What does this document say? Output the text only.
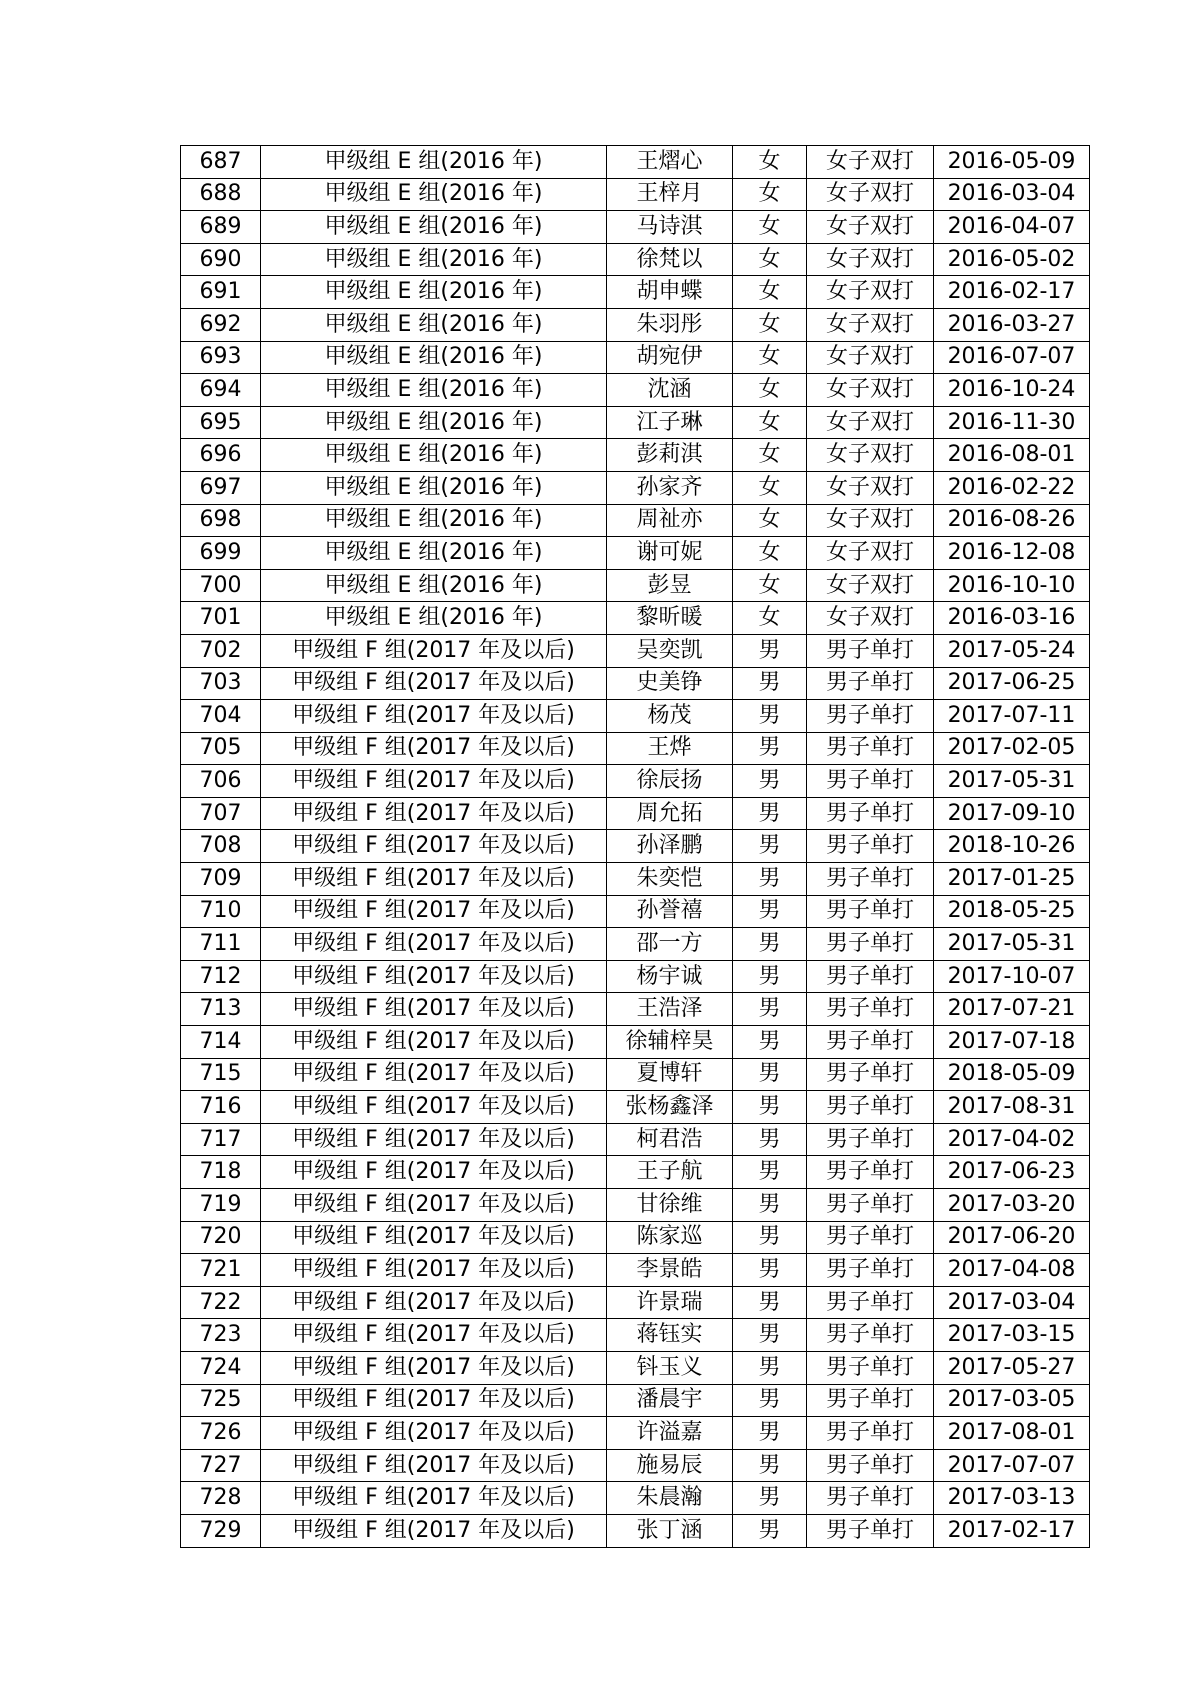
687	甲级组 E 组(2016 年)	王熠心	女	女子双打	2016-05-09
688	甲级组 E 组(2016 年)	王梓月	女	女子双打	2016-03-04
689	甲级组 E 组(2016 年)	马诗淇	女	女子双打	2016-04-07
690	甲级组 E 组(2016 年)	徐梵以	女	女子双打	2016-05-02
691	甲级组 E 组(2016 年)	胡申蝶	女	女子双打	2016-02-17
692	甲级组 E 组(2016 年)	朱羽彤	女	女子双打	2016-03-27
693	甲级组 E 组(2016 年)	胡宛伊	女	女子双打	2016-07-07
694	甲级组 E 组(2016 年)	沈涵	女	女子双打	2016-10-24
695	甲级组 E 组(2016 年)	江子琳	女	女子双打	2016-11-30
696	甲级组 E 组(2016 年)	彭莉淇	女	女子双打	2016-08-01
697	甲级组 E 组(2016 年)	孙家齐	女	女子双打	2016-02-22
698	甲级组 E 组(2016 年)	周祉亦	女	女子双打	2016-08-26
699	甲级组 E 组(2016 年)	谢可妮	女	女子双打	2016-12-08
700	甲级组 E 组(2016 年)	彭昱	女	女子双打	2016-10-10
701	甲级组 E 组(2016 年)	黎昕暖	女	女子双打	2016-03-16
702	甲级组 F 组(2017 年及以后)	吴奕凯	男	男子单打	2017-05-24
703	甲级组 F 组(2017 年及以后)	史美铮	男	男子单打	2017-06-25
704	甲级组 F 组(2017 年及以后)	杨茂	男	男子单打	2017-07-11
705	甲级组 F 组(2017 年及以后)	王烨	男	男子单打	2017-02-05
706	甲级组 F 组(2017 年及以后)	徐辰扬	男	男子单打	2017-05-31
707	甲级组 F 组(2017 年及以后)	周允拓	男	男子单打	2017-09-10
708	甲级组 F 组(2017 年及以后)	孙泽鹏	男	男子单打	2018-10-26
709	甲级组 F 组(2017 年及以后)	朱奕恺	男	男子单打	2017-01-25
710	甲级组 F 组(2017 年及以后)	孙誉禧	男	男子单打	2018-05-25
711	甲级组 F 组(2017 年及以后)	邵一方	男	男子单打	2017-05-31
712	甲级组 F 组(2017 年及以后)	杨宇诚	男	男子单打	2017-10-07
713	甲级组 F 组(2017 年及以后)	王浩泽	男	男子单打	2017-07-21
714	甲级组 F 组(2017 年及以后)	徐辅梓昊	男	男子单打	2017-07-18
715	甲级组 F 组(2017 年及以后)	夏博轩	男	男子单打	2018-05-09
716	甲级组 F 组(2017 年及以后)	张杨鑫泽	男	男子单打	2017-08-31
717	甲级组 F 组(2017 年及以后)	柯君浩	男	男子单打	2017-04-02
718	甲级组 F 组(2017 年及以后)	王子航	男	男子单打	2017-06-23
719	甲级组 F 组(2017 年及以后)	甘徐维	男	男子单打	2017-03-20
720	甲级组 F 组(2017 年及以后)	陈家巡	男	男子单打	2017-06-20
721	甲级组 F 组(2017 年及以后)	李景皓	男	男子单打	2017-04-08
722	甲级组 F 组(2017 年及以后)	许景瑞	男	男子单打	2017-03-04
723	甲级组 F 组(2017 年及以后)	蒋钰实	男	男子单打	2017-03-15
724	甲级组 F 组(2017 年及以后)	钭玉义	男	男子单打	2017-05-27
725	甲级组 F 组(2017 年及以后)	潘晨宇	男	男子单打	2017-03-05
726	甲级组 F 组(2017 年及以后)	许溢嘉	男	男子单打	2017-08-01
727	甲级组 F 组(2017 年及以后)	施易辰	男	男子单打	2017-07-07
728	甲级组 F 组(2017 年及以后)	朱晨瀚	男	男子单打	2017-03-13
729	甲级组 F 组(2017 年及以后)	张丁涵	男	男子单打	2017-02-17
